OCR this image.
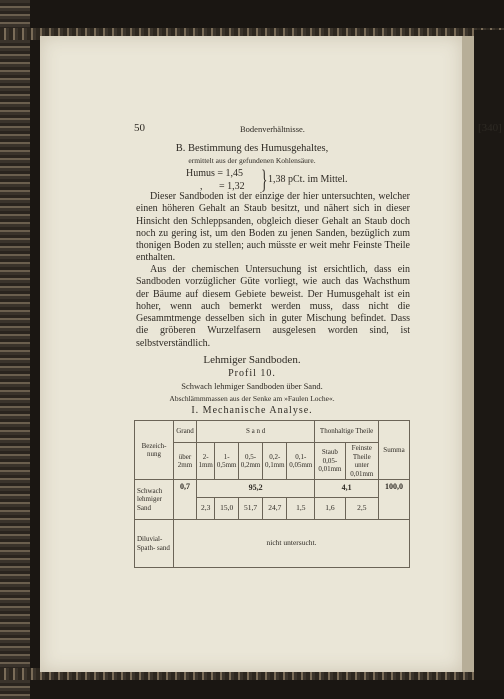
50	Bodenverhältnisse.	[340]
B. Bestimmung des Humusgehaltes,
ermittelt aus der gefundenen Kohlensäure.
Humus = 1,45
, = 1,32 } 1,38 pCt. im Mittel.
Dieser Sandboden ist der einzige der hier untersuchten, welcher einen höheren Gehalt an Staub besitzt, und nähert sich in dieser Hinsicht den Schleppsanden, obgleich dieser Gehalt an Staub doch noch zu gering ist, um den Boden zu jenen Sanden, bezüglich zum thonigen Boden zu stellen; auch müsste er weit mehr Feinste Theile enthalten.
Aus der chemischen Untersuchung ist ersichtlich, dass ein Sandboden vorzüglicher Güte vorliegt, wie auch das Wachsthum der Bäume auf diesem Gebiete beweist. Der Humusgehalt ist ein hoher, wenn auch bemerkt werden muss, dass nicht die Gesammtmenge desselben sich in guter Mischung befindet. Dass die gröberen Wurzelfasern ausgelesen worden sind, ist selbstverständlich.
Lehmiger Sandboden.
Profil 10.
Schwach lehmiger Sandboden über Sand.
Abschlämmmassen aus der Senke am »Faulen Loche«.
I. Mechanische Analyse.
Bezeich- nung	Grand	S a n d					Thonhaltige Theile		Summa
	über 2mm	2- 1mm	1- 0,5mm	0,5- 0,2mm	0,2- 0,1mm	0,1- 0,05mm	Staub 0,05- 0,01mm	Feinste Theile unter 0,01mm	
Schwach lehmiger Sand	0,7	95,2					4,1		100,0
		2,3	15,0	51,7	24,7	1,5	1,6	2,5	
Diluvial- Spath- sand	nicht untersucht.								
